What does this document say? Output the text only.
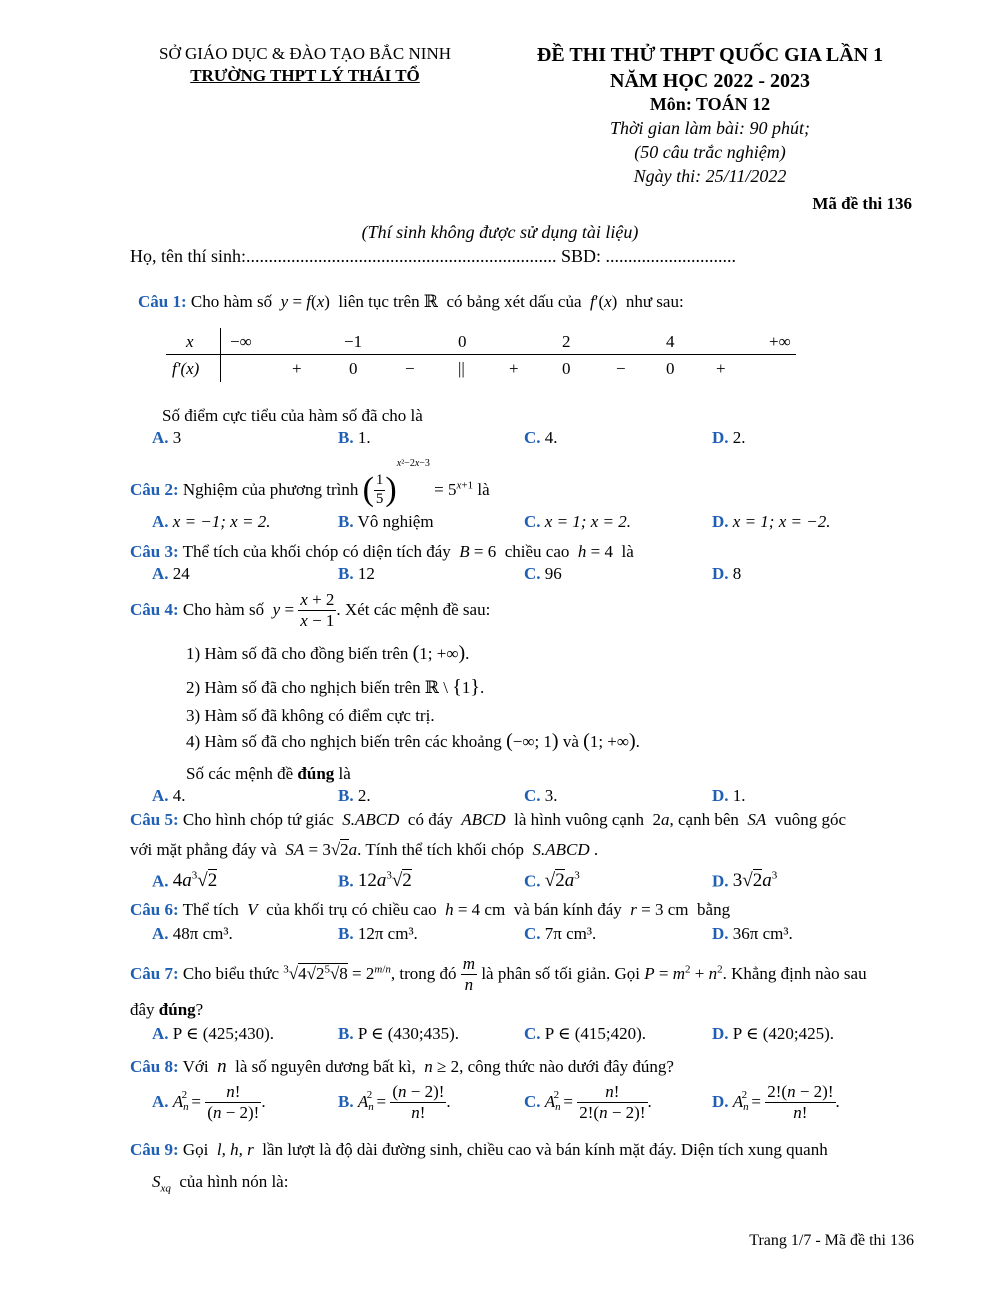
SỞ GIÁO DỤC & ĐÀO TẠO BẮC NINH
TRƯỜNG THPT LÝ THÁI TỔ
ĐỀ THI THỬ THPT QUỐC GIA LẦN 1
NĂM HỌC 2022 - 2023
Môn: TOÁN 12
Thời gian làm bài: 90 phút;
(50 câu trắc nghiệm)
Ngày thi: 25/11/2022
Mã đề thi 136
(Thí sinh không được sử dụng tài liệu)
Họ, tên thí sinh:..................................................................... SBD: .............................
Câu 1: Cho hàm số y = f(x)  liên tục trên ℝ  có bảng xét dấu của f′(x)  như sau:
x −∞	−1	0	2	4	+∞
f′(x)	+	0	−	||	+	0	− 0 +
Số điểm cực tiểu của hàm số đã cho là
A. 3	B. 1.	C. 4.	D. 2.
Câu 2: Nghiệm của phương trình ( $\frac{1}{5} )^{x^2-2x-3} = 5^{x+1}$ là
A. x = −1; x = 2.	B. Vô nghiệm	C. x = 1; x = 2.	D. x = 1; x = −2.
Câu 3: Thể tích của khối chóp có diện tích đáy B = 6  chiều cao h = 4  là
A. 24	B. 12	C. 96	D. 8
Câu 4: Cho hàm số $y = \frac{x + 2}{x - 1}$ . Xét các mệnh đề sau:
1) Hàm số đã cho đồng biến trên (1; +∞).
2) Hàm số đã cho nghịch biến trên ℝ \ {1}.
3) Hàm số đã không có điểm cực trị.
4) Hàm số đã cho nghịch biến trên các khoảng (−∞; 1) và (1; +∞).
Số các mệnh đề đúng là
A. 4.	B. 2.	C. 3.	D. 1.
Câu 5: Cho hình chóp tứ giác S.ABCD có đáy ABCD là hình vuông cạnh  2a, cạnh bên SA vuông góc
với mặt phẳng đáy và SA = 3√2a. Tính thể tích khối chóp S.ABCD .
A. $4a^3√2$	B. $12a^3√2$	C. $√2a^3$	D. $3√2a^3$
Câu 6: Thể tích V của khối trụ có chiều cao h = 4 cm  và bán kính đáy r = 3 cm  bằng
A. 48π cm³.	B. 12π cm³.	C. 7π cm³.	D. 36π cm³.
Câu 7: Cho biểu thức $^3√4√2^5√8 = 2^{m/n}$, trong đó $\frac{m}{n}$ là phân số tối giản. Gọi $P = m^2 + n^2$. Khẳng định nào sau
đây đúng?
A. P ∈ (425;430).	B. P ∈ (430;435).	C. P ∈ (415;420).	D. P ∈ (420;425).
Câu 8: Với n là số nguyên dương bất kì, n ≥ 2, công thức nào dưới đây đúng?
A. $A_n^2 = \frac{n!}{(n - 2)!}$ .	B. $A_n^2 = \frac{(n - 2)!}{n!}$ .	C. $A_n^2 = \frac{n!}{2!(n - 2)!}$ .	D. $A_n^2 = \frac{2!(n - 2)!}{n!}$ .
Câu 9: Gọi l, h, r lần lượt là độ dài đường sinh, chiều cao và bán kính mặt đáy. Diện tích xung quanh
$S_{xq}$ của hình nón là:
Trang 1/7 - Mã đề thi 136
